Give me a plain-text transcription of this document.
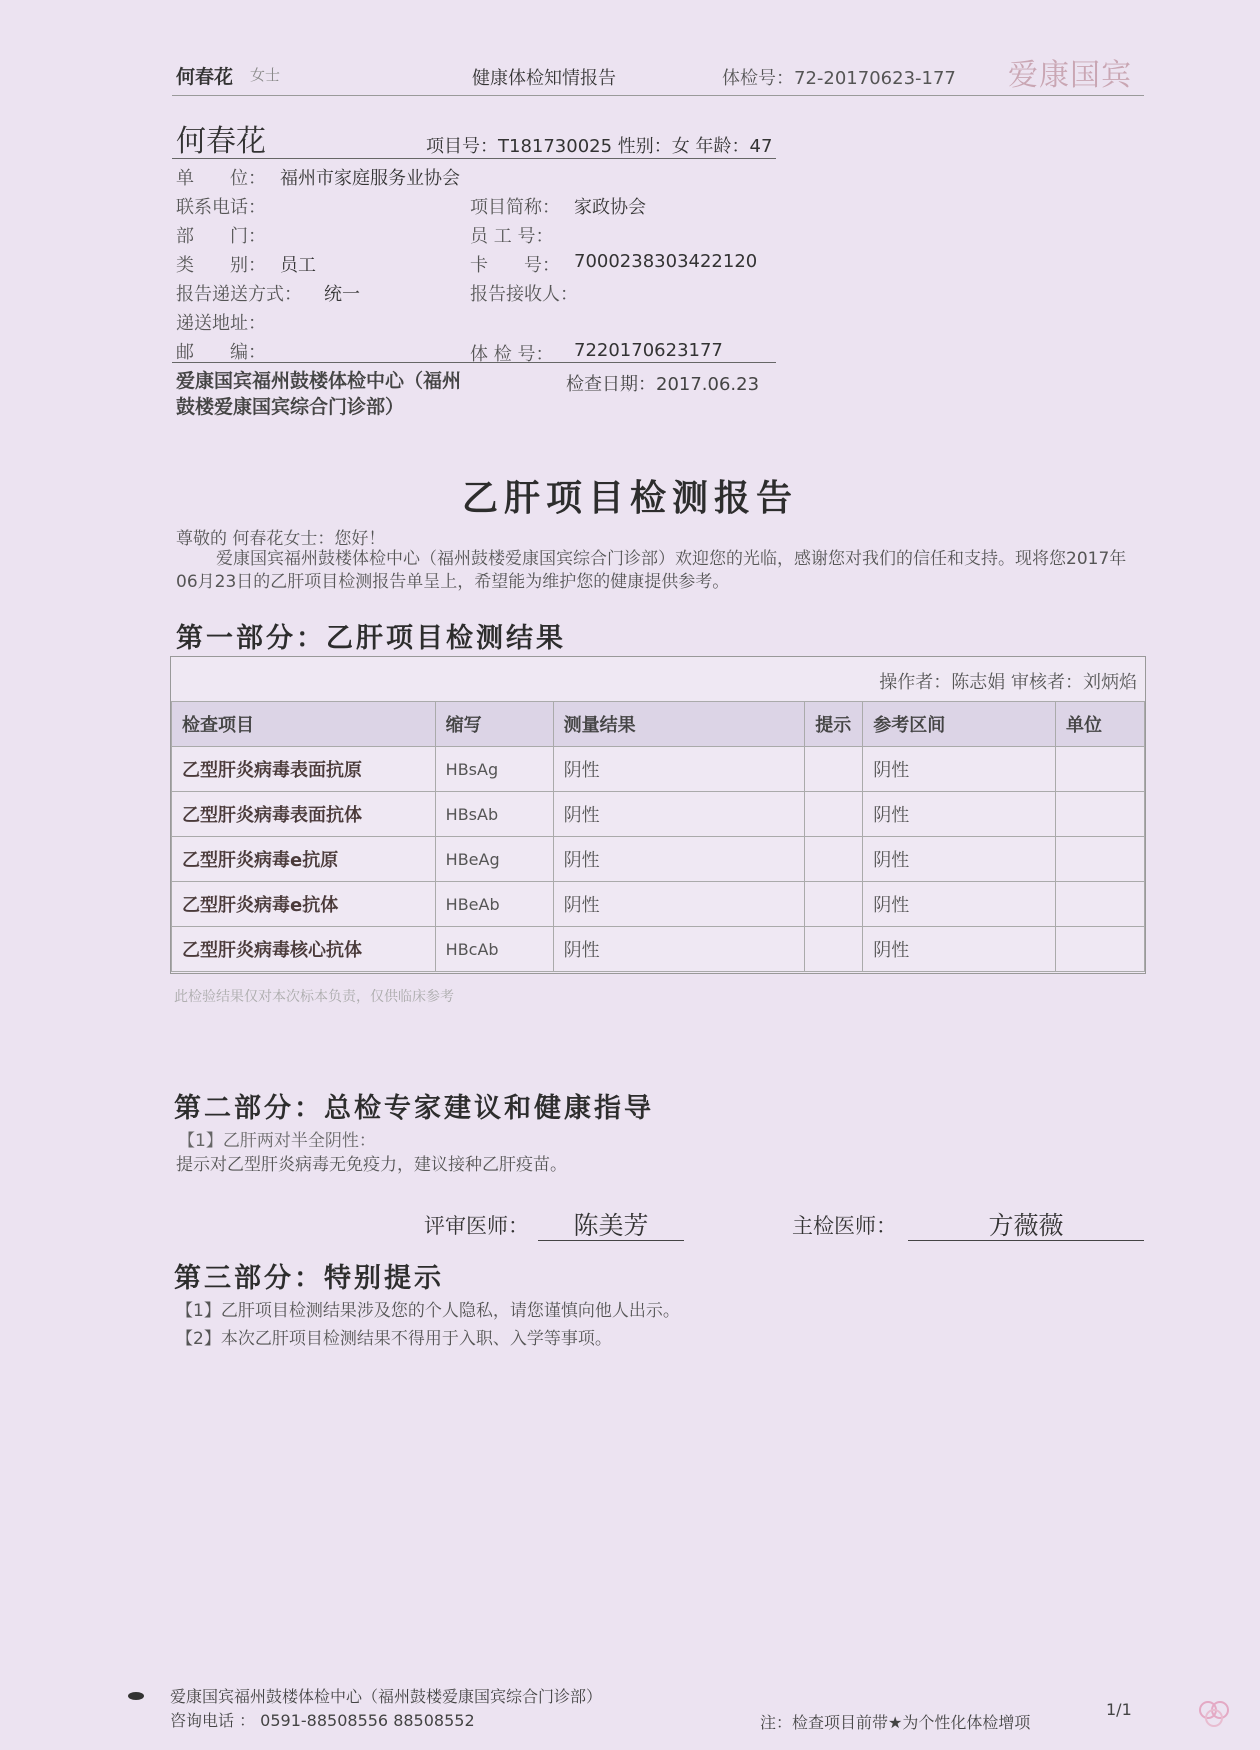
何春花 女士	健康体检知情报告	体检号：72-20170623-177 爱康国宾
何春花	项目号：T181730025 性别：女 年龄：47
单　　位： 福州市家庭服务业协会
联系电话：	项目简称： 家政协会
部　　门：	员 工 号：
类　　别： 员工	卡　　号： 7000238303422120
报告递送方式： 统一	报告接收人：
递送地址：
邮　　编：	体 检 号： 7220170623177
爱康国宾福州鼓楼体检中心（福州鼓楼爱康国宾综合门诊部）
检查日期：2017.06.23
乙肝项目检测报告
尊敬的 何春花女士：您好！
爱康国宾福州鼓楼体检中心（福州鼓楼爱康国宾综合门诊部）欢迎您的光临，感谢您对我们的信任和支持。现将您2017年06月23日的乙肝项目检测报告单呈上，希望能为维护您的健康提供参考。
第一部分：乙肝项目检测结果
操作者：陈志娟 审核者：刘炳焰
检查项目	缩写	测量结果	提示	参考区间	单位
乙型肝炎病毒表面抗原	HBsAg	阴性		阴性	
乙型肝炎病毒表面抗体	HBsAb	阴性		阴性	
乙型肝炎病毒e抗原	HBeAg	阴性		阴性	
乙型肝炎病毒e抗体	HBeAb	阴性		阴性	
乙型肝炎病毒核心抗体	HBcAb	阴性		阴性	
此检验结果仅对本次标本负责，仅供临床参考
第二部分：总检专家建议和健康指导
【1】乙肝两对半全阴性：
提示对乙型肝炎病毒无免疫力，建议接种乙肝疫苗。
评审医师：	陈美芳	主检医师：	方薇薇
第三部分：特别提示
【1】乙肝项目检测结果涉及您的个人隐私，请您谨慎向他人出示。
【2】本次乙肝项目检测结果不得用于入职、入学等事项。
爱康国宾福州鼓楼体检中心（福州鼓楼爱康国宾综合门诊部）
咨询电话 ： 0591-88508556 88508552	注：检查项目前带★为个性化体检增项
1/1
